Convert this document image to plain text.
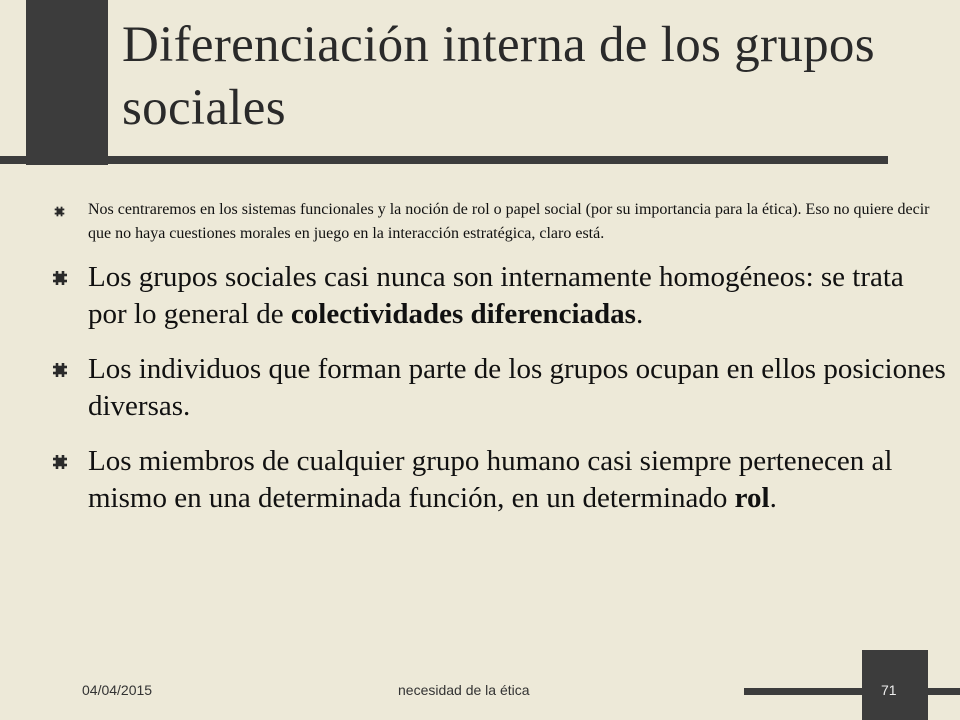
Diferenciación interna de los grupos sociales
Nos centraremos en los sistemas funcionales y la noción de rol o papel social (por su importancia para la ética). Eso no quiere decir que no haya cuestiones morales en juego en la interacción estratégica, claro está.
Los grupos sociales casi nunca son internamente homogéneos: se trata por lo general de colectividades diferenciadas.
Los individuos que forman parte de los grupos ocupan en ellos posiciones diversas.
Los miembros de cualquier grupo humano casi siempre pertenecen al mismo en una determinada función, en un determinado rol.
04/04/2015	necesidad de la ética	71
